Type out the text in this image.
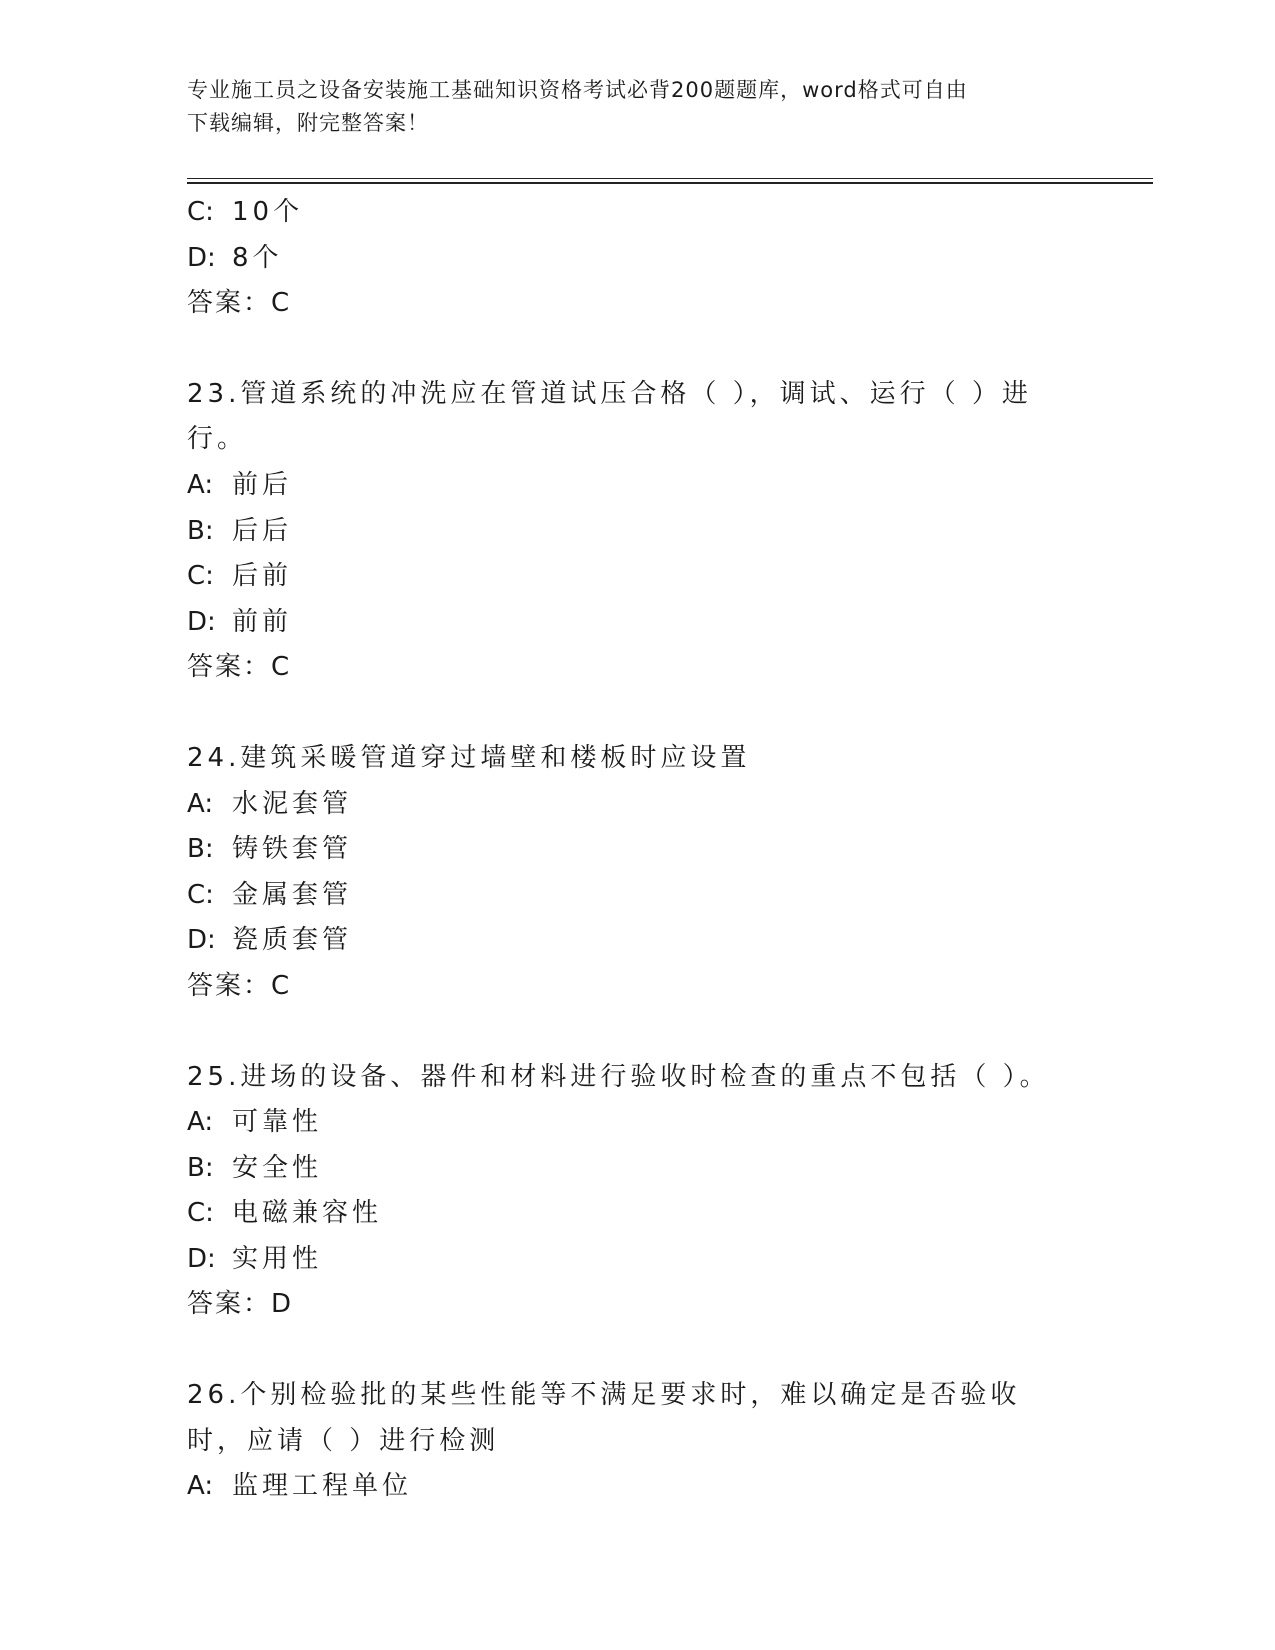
专业施工员之设备安装施工基础知识资格考试必背200题题库，word格式可自由
下载编辑，附完整答案！
C: 10个
D: 8个
答案：C
23.管道系统的冲洗应在管道试压合格（ ），调试、运行（ ）进行。
A: 前后
B: 后后
C: 后前
D: 前前
答案：C
24.建筑采暖管道穿过墙壁和楼板时应设置
A: 水泥套管
B: 铸铁套管
C: 金属套管
D: 瓷质套管
答案：C
25.进场的设备、器件和材料进行验收时检查的重点不包括（ ）。
A: 可靠性
B: 安全性
C: 电磁兼容性
D: 实用性
答案：D
26.个别检验批的某些性能等不满足要求时，难以确定是否验收时，应请（ ）进行检测
A: 监理工程单位
